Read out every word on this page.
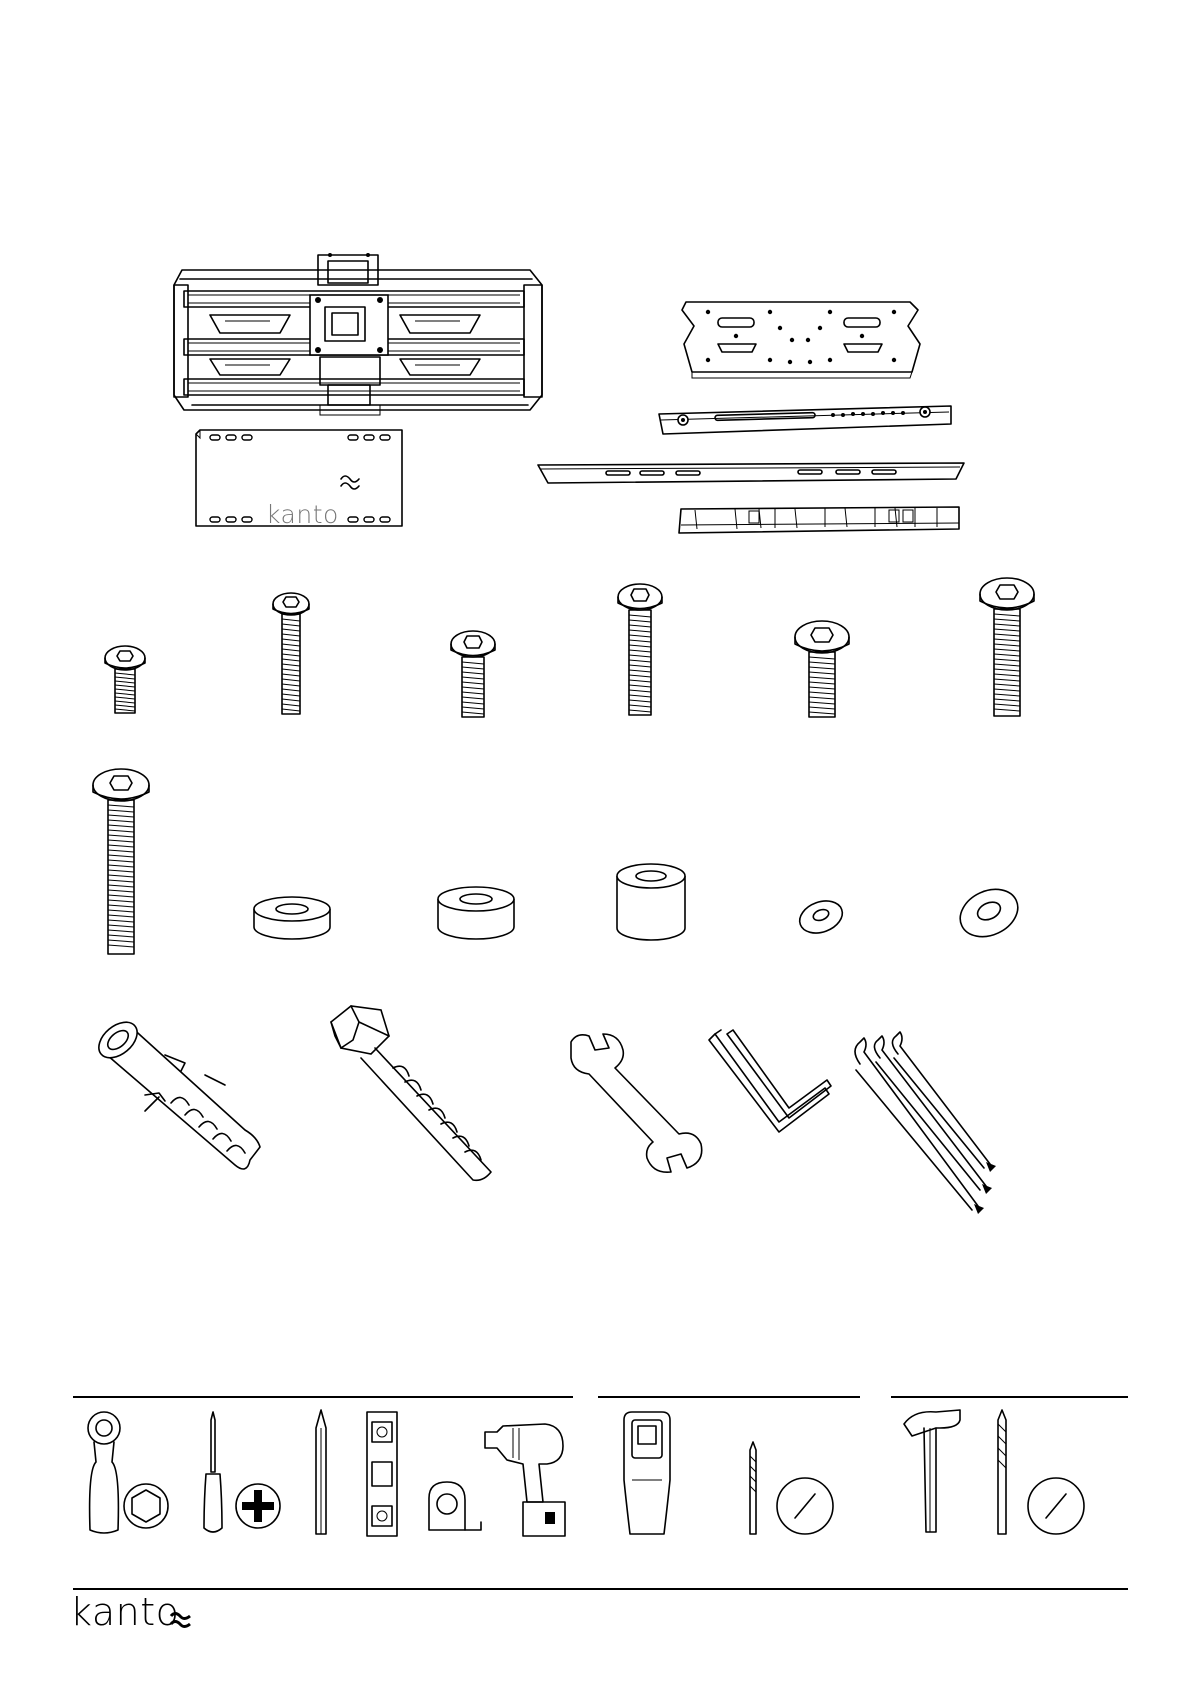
kanto
kanto
